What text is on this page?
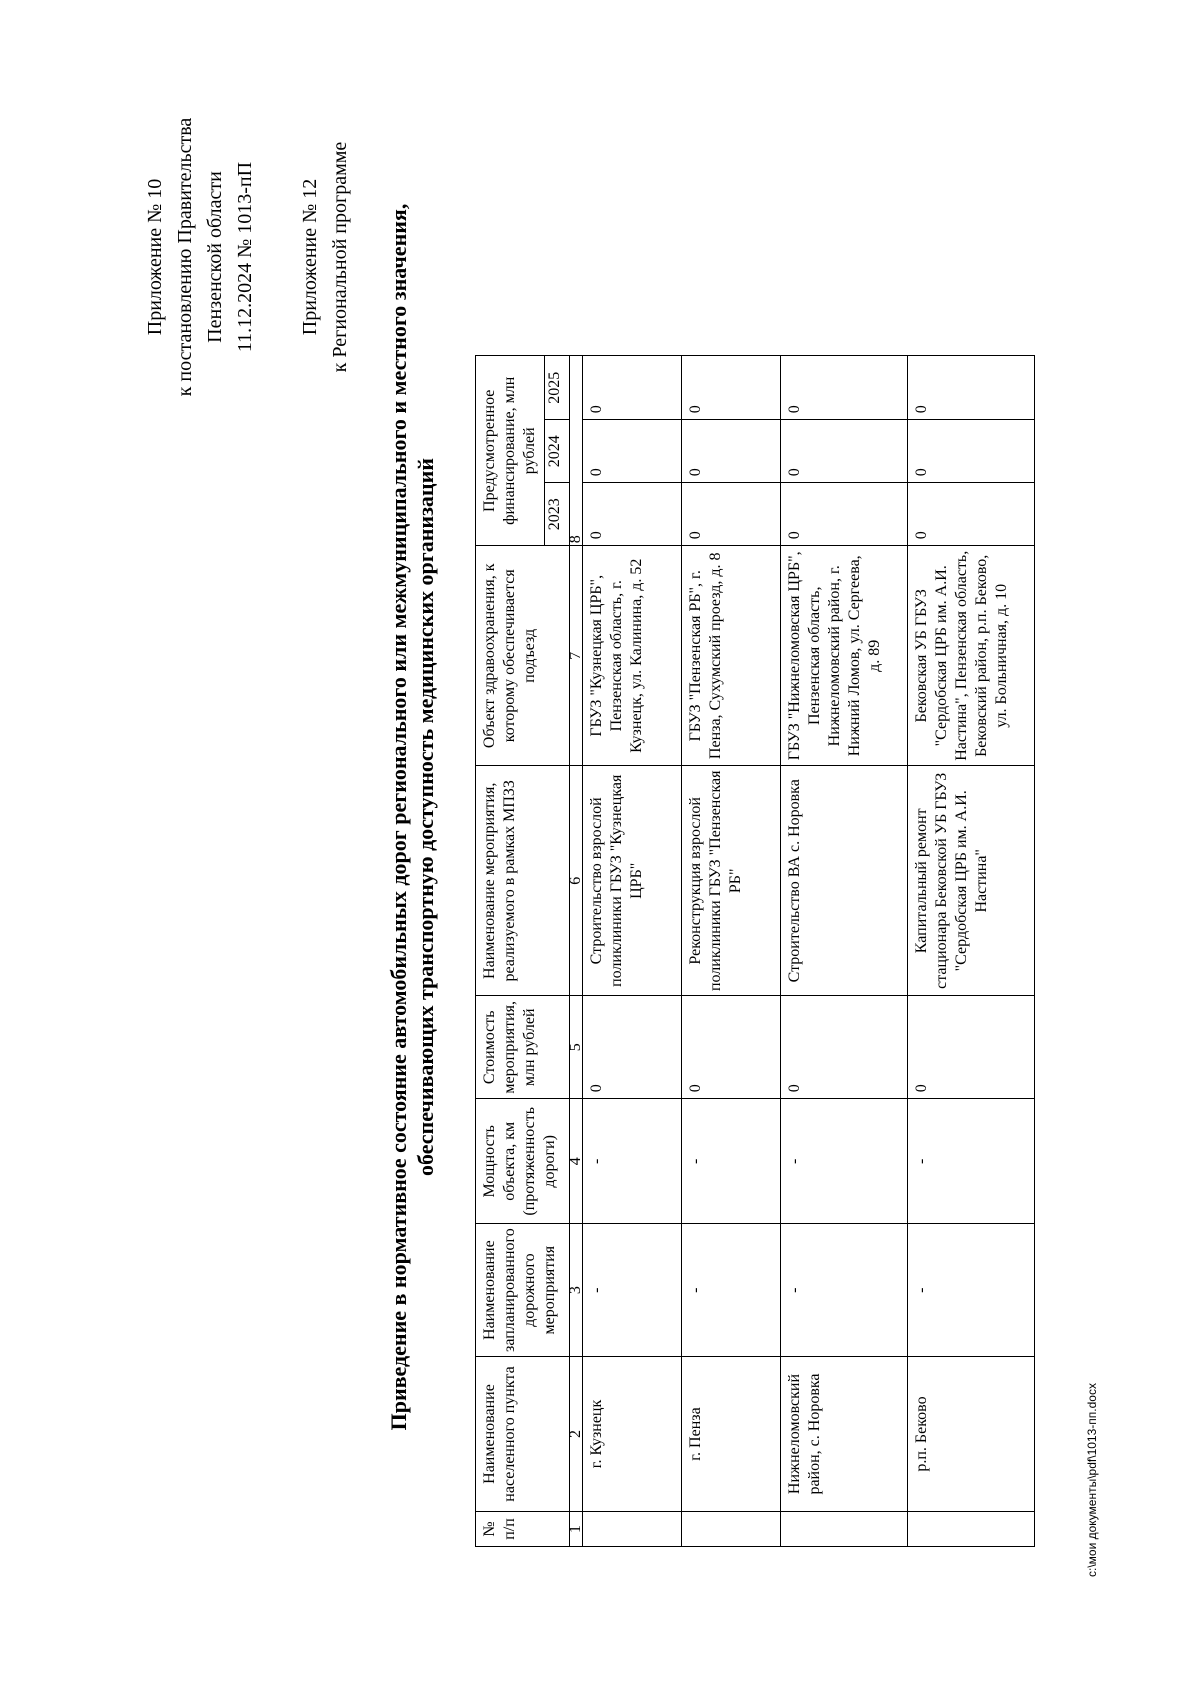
Приложение № 10 к постановлению Правительства Пензенской области 11.12.2024 № 1013-пП Приложение № 12 к Региональной программе Приведение в нормативное состояние автомобильных дорог регионального или межмуниципального и местного значения, обеспечивающих транспортную доступность медицинских организаций
№ п/п	Наименование населенного пункта	Наименование запланированного дорожного мероприятия	Мощность объекта, км (протяженность дороги)	Стоимость мероприятия, млн рублей	Наименование мероприятия, реализуемого в рамках МПЗЗ	Объект здравоохранения, к которому обеспечивается подъезд	Предусмотренное финансирование, млн рублей		
							2023	2024	2025
1	2	3	4	5	6	7	8		
	г. Кузнецк	-	-	0	Строительство взрослой поликлиники ГБУЗ "Кузнецкая ЦРБ"	ГБУЗ "Кузнецкая ЦРБ", Пензенская область, г. Кузнецк, ул. Калинина, д. 52	0	0	0
	г. Пенза	-	-	0	Реконструкция взрослой поликлиники ГБУЗ "Пензенская РБ"	ГБУЗ "Пензенская РБ", г. Пенза, Сухумский проезд, д. 8	0	0	0
	Нижнеломовский район, с. Норовка	-	-	0	Строительство ВА с. Норовка	ГБУЗ "Нижнеломовская ЦРБ", Пензенская область, Нижнеломовский район, г. Нижний Ломов, ул. Сергеева, д. 89	0	0	0
	р.п. Беково	-	-	0	Капитальный ремонт стационара Бековской УБ ГБУЗ "Сердобская ЦРБ им. А.И. Настина"	Бековская УБ ГБУЗ "Сердобская ЦРБ им. А.И. Настина", Пензенская область, Бековский район, р.п. Беково, ул. Больничная, д. 10	0	0	0
c:\мои документы\pdf\1013-пп.docx
